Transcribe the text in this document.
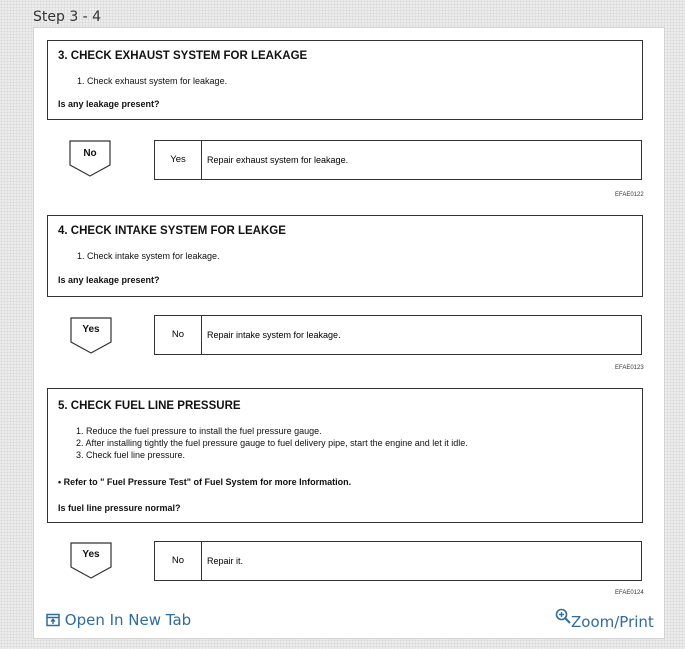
Step 3 - 4
3. CHECK EXHAUST SYSTEM FOR LEAKAGE
1. Check exhaust system for leakage.
Is any leakage present?
No
Yes	Repair exhaust system for leakage.
EFAE0122
4. CHECK INTAKE SYSTEM FOR LEAKGE
1. Check intake system for leakage.
Is any leakage present?
Yes	No	Repair intake system for leakage.
EFAE0123
5. CHECK FUEL LINE PRESSURE
1. Reduce the fuel pressure to install the fuel pressure gauge.
2. After installing tightly the fuel pressure gauge to fuel delivery pipe, start the engine and let it idle.
3. Check fuel line pressure.
• Refer to " Fuel Pressure Test" of Fuel System for more Information.
Is fuel line pressure normal?
Yes
No	Repair it.
EFAE0124
Open In New Tab	Zoom/Print
